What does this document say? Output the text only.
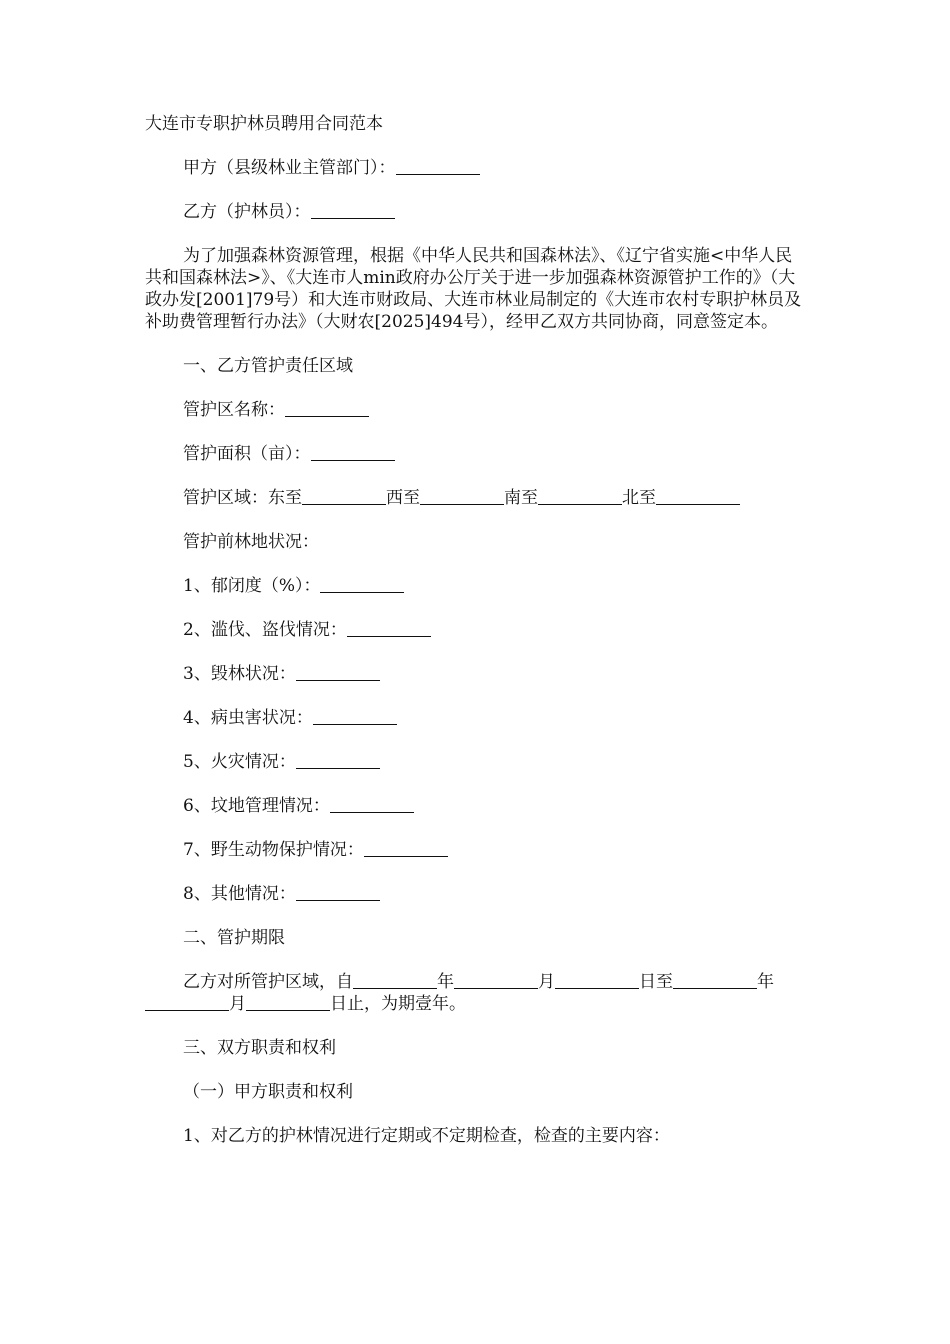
大连市专职护林员聘用合同范本

甲方（县级林业主管部门）：

乙方（护林员）：

为了加强森林资源管理，根据《中华人民共和国森林法》、《辽宁省实施<中华人民共和国森林法>》、《大连市人min政府办公厅关于进一步加强森林资源管护工作的》（大政办发[2001]79号）和大连市财政局、大连市林业局制定的《大连市农村专职护林员及补助费管理暂行办法》（大财农[2025]494号），经甲乙双方共同协商，同意签定本。

一、乙方管护责任区域

管护区名称：

管护面积（亩）：

管护区域：东至	西至	南至	北至

管护前林地状况：

1、郁闭度（%）：

2、滥伐、盗伐情况：

3、毁林状况：

4、病虫害状况：

5、火灾情况：

6、坟地管理情况：

7、野生动物保护情况：

8、其他情况：

二、管护期限

乙方对所管护区域，自	年	月	日至	年月	日止，为期壹年。

三、双方职责和权利

（一）甲方职责和权利

1、对乙方的护林情况进行定期或不定期检查，检查的主要内容：
